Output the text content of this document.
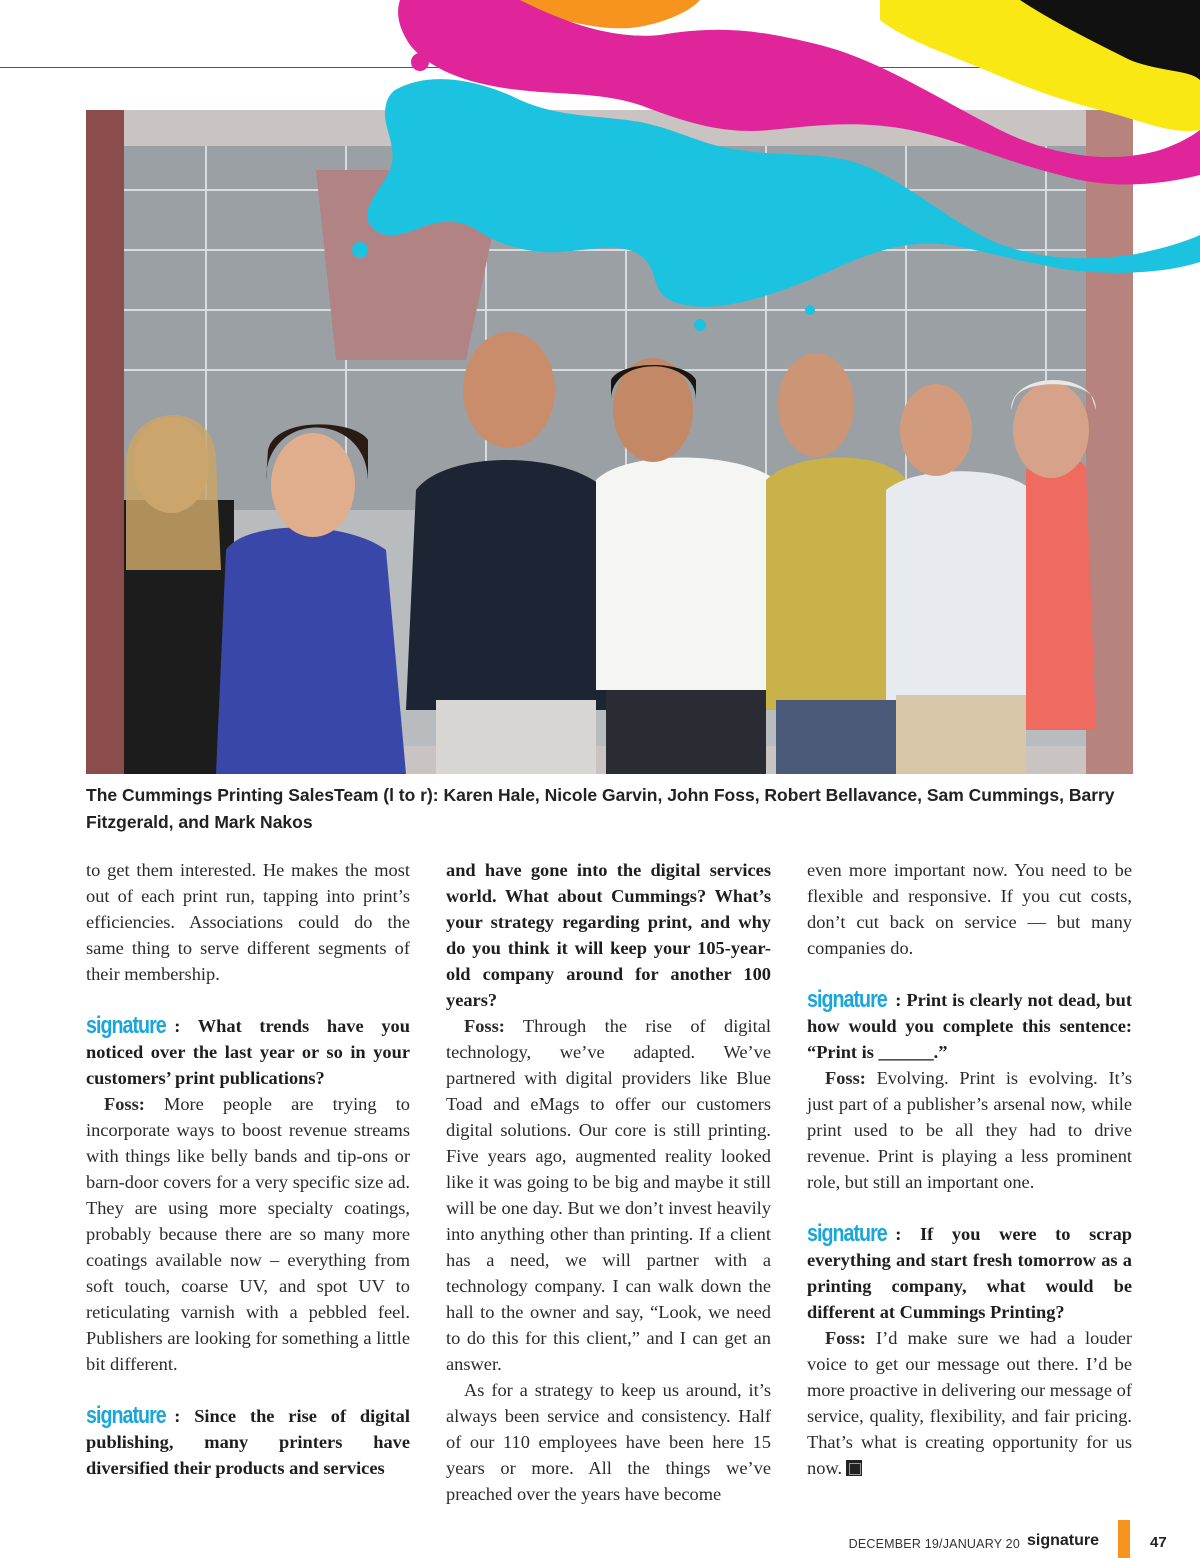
The Cummings Printing SalesTeam (l to r): Karen Hale, Nicole Garvin, John Foss, Robert Bellavance, Sam Cummings, Barry Fitzgerald, and Mark Nakos

to get them interested. He makes the most out of each print run, tapping into print’s efficiencies. Associations could do the same thing to serve different segments of their membership.

signature : What trends have you noticed over the last year or so in your customers’ print publications?

Foss: More people are trying to incorporate ways to boost revenue streams with things like belly bands and tip-ons or barn-door covers for a very specific size ad. They are using more specialty coatings, probably because there are so many more coatings available now – everything from soft touch, coarse UV, and spot UV to reticulating varnish with a pebbled feel. Publishers are looking for something a little bit different.

signature : Since the rise of digital publishing, many printers have diversified their products and services

and have gone into the digital services world. What about Cummings? What’s your strategy regarding print, and why do you think it will keep your 105-year-old company around for another 100 years?

Foss: Through the rise of digital technology, we’ve adapted. We’ve partnered with digital providers like Blue Toad and eMags to offer our customers digital solutions. Our core is still printing. Five years ago, augmented reality looked like it was going to be big and maybe it still will be one day. But we don’t invest heavily into anything other than printing. If a client has a need, we will partner with a technology company. I can walk down the hall to the owner and say, “Look, we need to do this for this client,” and I can get an answer.

As for a strategy to keep us around, it’s always been service and consistency. Half of our 110 employees have been here 15 years or more. All the things we’ve preached over the years have become

even more important now. You need to be flexible and responsive. If you cut costs, don’t cut back on service — but many companies do.

signature : Print is clearly not dead, but how would you complete this sentence: “Print is ______.”

Foss: Evolving. Print is evolving. It’s just part of a publisher’s arsenal now, while print used to be all they had to drive revenue. Print is playing a less prominent role, but still an important one.

signature : If you were to scrap everything and start fresh tomorrow as a printing company, what would be different at Cummings Printing?

Foss: I’d make sure we had a louder voice to get our message out there. I’d be more proactive in delivering our message of service, quality, flexibility, and fair pricing. That’s what is creating opportunity for us now.

DECEMBER 19/JANUARY 20 signature	47
